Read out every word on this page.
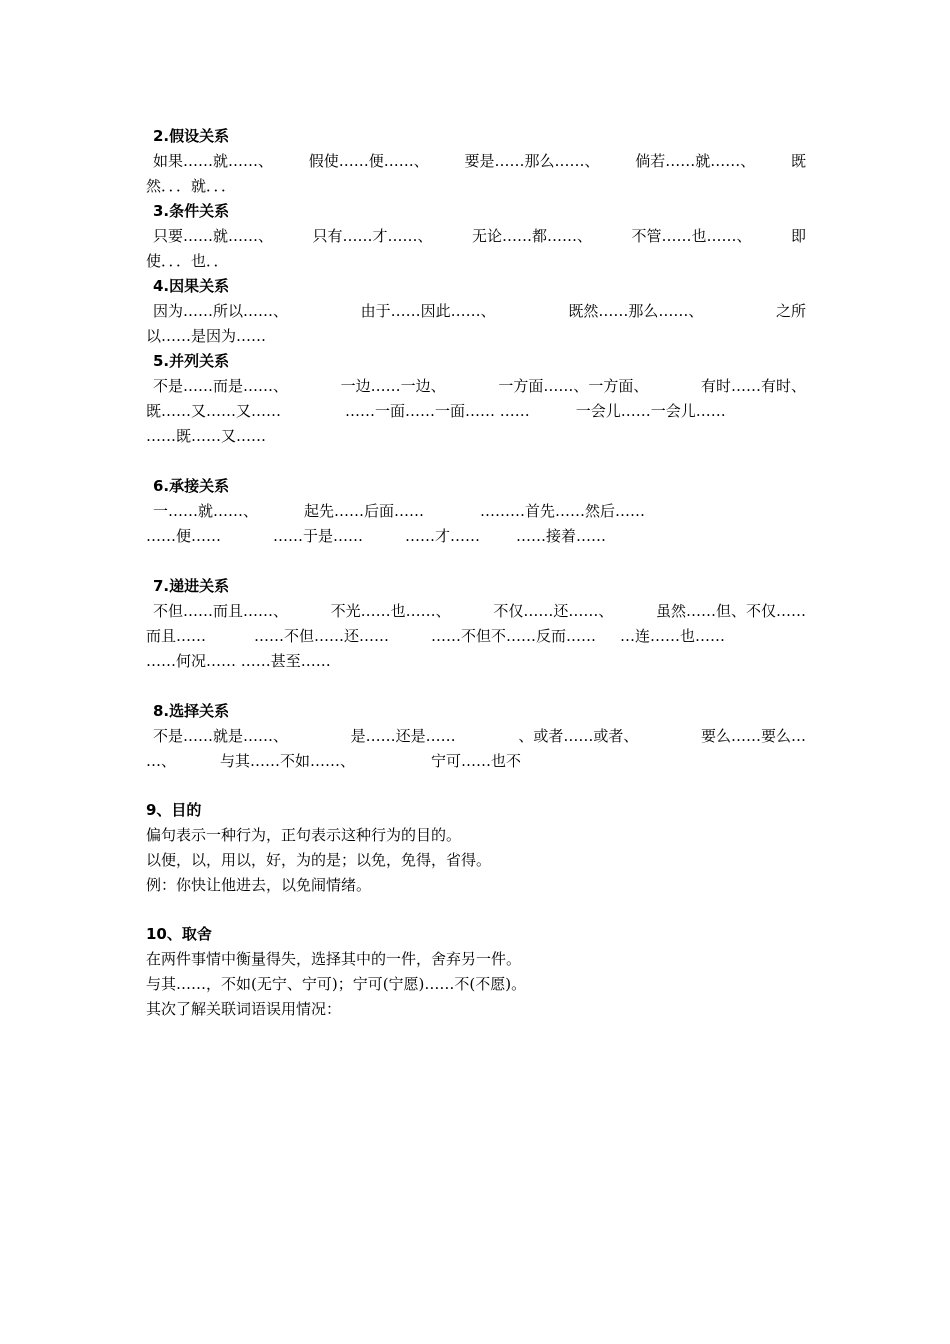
2.假设关系
如果……就……、 假使……便……、 要是……那么……、 倘若……就……、 既
然．．．就．．．
3.条件关系
只要……就……、	只有……才……、	无论……都……、	不管……也……、	即
使．．．也．．
4.因果关系
因为……所以……、	由于……因此……、	既然……那么……、	之所
以……是因为……
5.并列关系
不是……而是……、	一边……一边、	一方面……、一方面、	有时……有时、
既……又……又……	……一面……一面…… ……	一会儿……一会儿……
……既……又……
6.承接关系
一……就……、	起先……后面……	………首先……然后……
……便……	……于是……	……才…… ……接着……
7.递进关系
不但……而且……、	不光……也……、	不仅……还……、	虽然……但、不仅……
而且……	……不但……还……	……不但不……反而…… …连……也……
……何况…… ……甚至……
8.选择关系
不是……就是……、	是……还是……	、或者……或者、	要么……要么…
…、	与其……不如……、	宁可……也不
9、目的
偏句表示一种行为，正句表示这种行为的目的。
以便，以，用以，好，为的是；以免，免得，省得。
例：你快让他进去，以免闹情绪。
10、取舍
在两件事情中衡量得失，选择其中的一件，舍弃另一件。
与其……，不如(无宁、宁可)；宁可(宁愿)……不(不愿)。
其次了解关联词语误用情况：
